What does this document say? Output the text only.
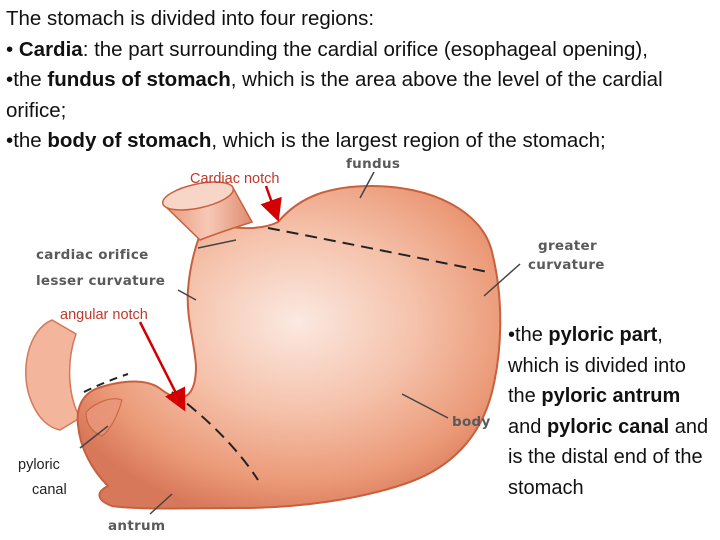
The stomach is divided into four regions:

• Cardia: the part surrounding the cardial orifice (esophageal opening),

•the fundus of stomach, which is the area above the level of the cardial orifice;

•the body of stomach, which is the largest region of the stomach;

Cardiac notch
fundus
cardiac orifice
lesser curvature
greater
curvature
angular notch
body
pyloric
canal
antrum
•the pyloric part, which is divided into the pyloric antrum and pyloric canal and is the distal end of the stomach
